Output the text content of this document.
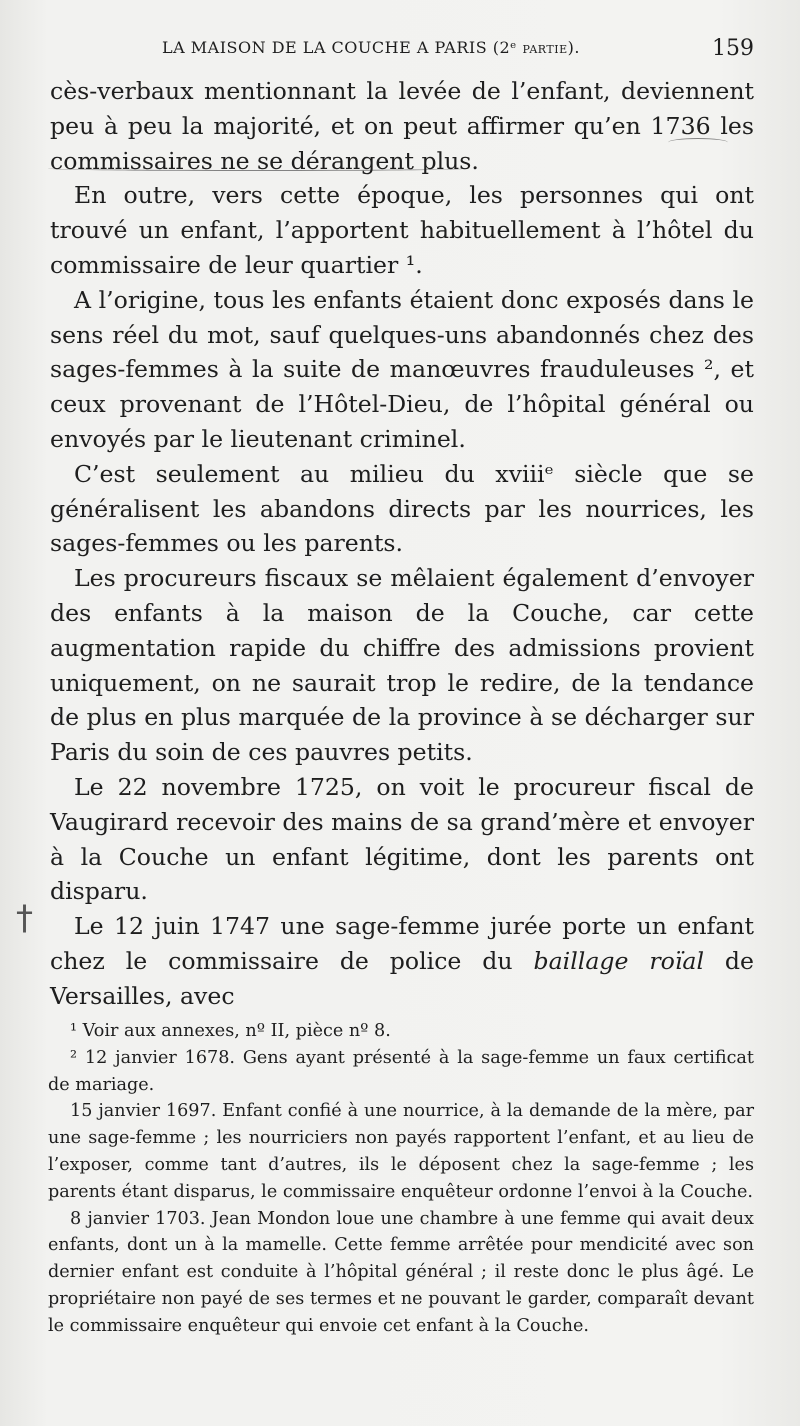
LA MAISON DE LA COUCHE A PARIS (2ᵉ partie).	159
†

cès-verbaux mentionnant la levée de l’enfant, deviennent peu à peu la majorité, et on peut affirmer qu’en 1736 les commissaires ne se dérangent plus.

En outre, vers cette époque, les personnes qui ont trouvé un enfant, l’apportent habituellement à l’hôtel du commissaire de leur quartier ¹.

A l’origine, tous les enfants étaient donc exposés dans le sens réel du mot, sauf quelques-uns abandonnés chez des sages-femmes à la suite de manœuvres frauduleuses ², et ceux provenant de l’Hôtel-Dieu, de l’hôpital général ou envoyés par le lieutenant criminel.

C’est seulement au milieu du xviiiᵉ siècle que se généralisent les abandons directs par les nourrices, les sages-femmes ou les parents.

Les procureurs fiscaux se mêlaient également d’envoyer des enfants à la maison de la Couche, car cette augmentation rapide du chiffre des admissions provient uniquement, on ne saurait trop le redire, de la tendance de plus en plus marquée de la province à se décharger sur Paris du soin de ces pauvres petits.

Le 22 novembre 1725, on voit le procureur fiscal de Vaugirard recevoir des mains de sa grand’mère et envoyer à la Couche un enfant légitime, dont les parents ont disparu.

Le 12 juin 1747 une sage-femme jurée porte un enfant chez le commissaire de police du baillage roïal de Versailles, avec

¹ Voir aux annexes, nº II, pièce nº 8.

² 12 janvier 1678. Gens ayant présenté à la sage-femme un faux certificat de mariage.

15 janvier 1697. Enfant confié à une nourrice, à la demande de la mère, par une sage-femme ; les nourriciers non payés rapportent l’enfant, et au lieu de l’exposer, comme tant d’autres, ils le déposent chez la sage-femme ; les parents étant disparus, le commissaire enquêteur ordonne l’envoi à la Couche.

8 janvier 1703. Jean Mondon loue une chambre à une femme qui avait deux enfants, dont un à la mamelle. Cette femme arrêtée pour mendicité avec son dernier enfant est conduite à l’hôpital général ; il reste donc le plus âgé. Le propriétaire non payé de ses termes et ne pouvant le garder, comparaît devant le commissaire enquêteur qui envoie cet enfant à la Couche.
